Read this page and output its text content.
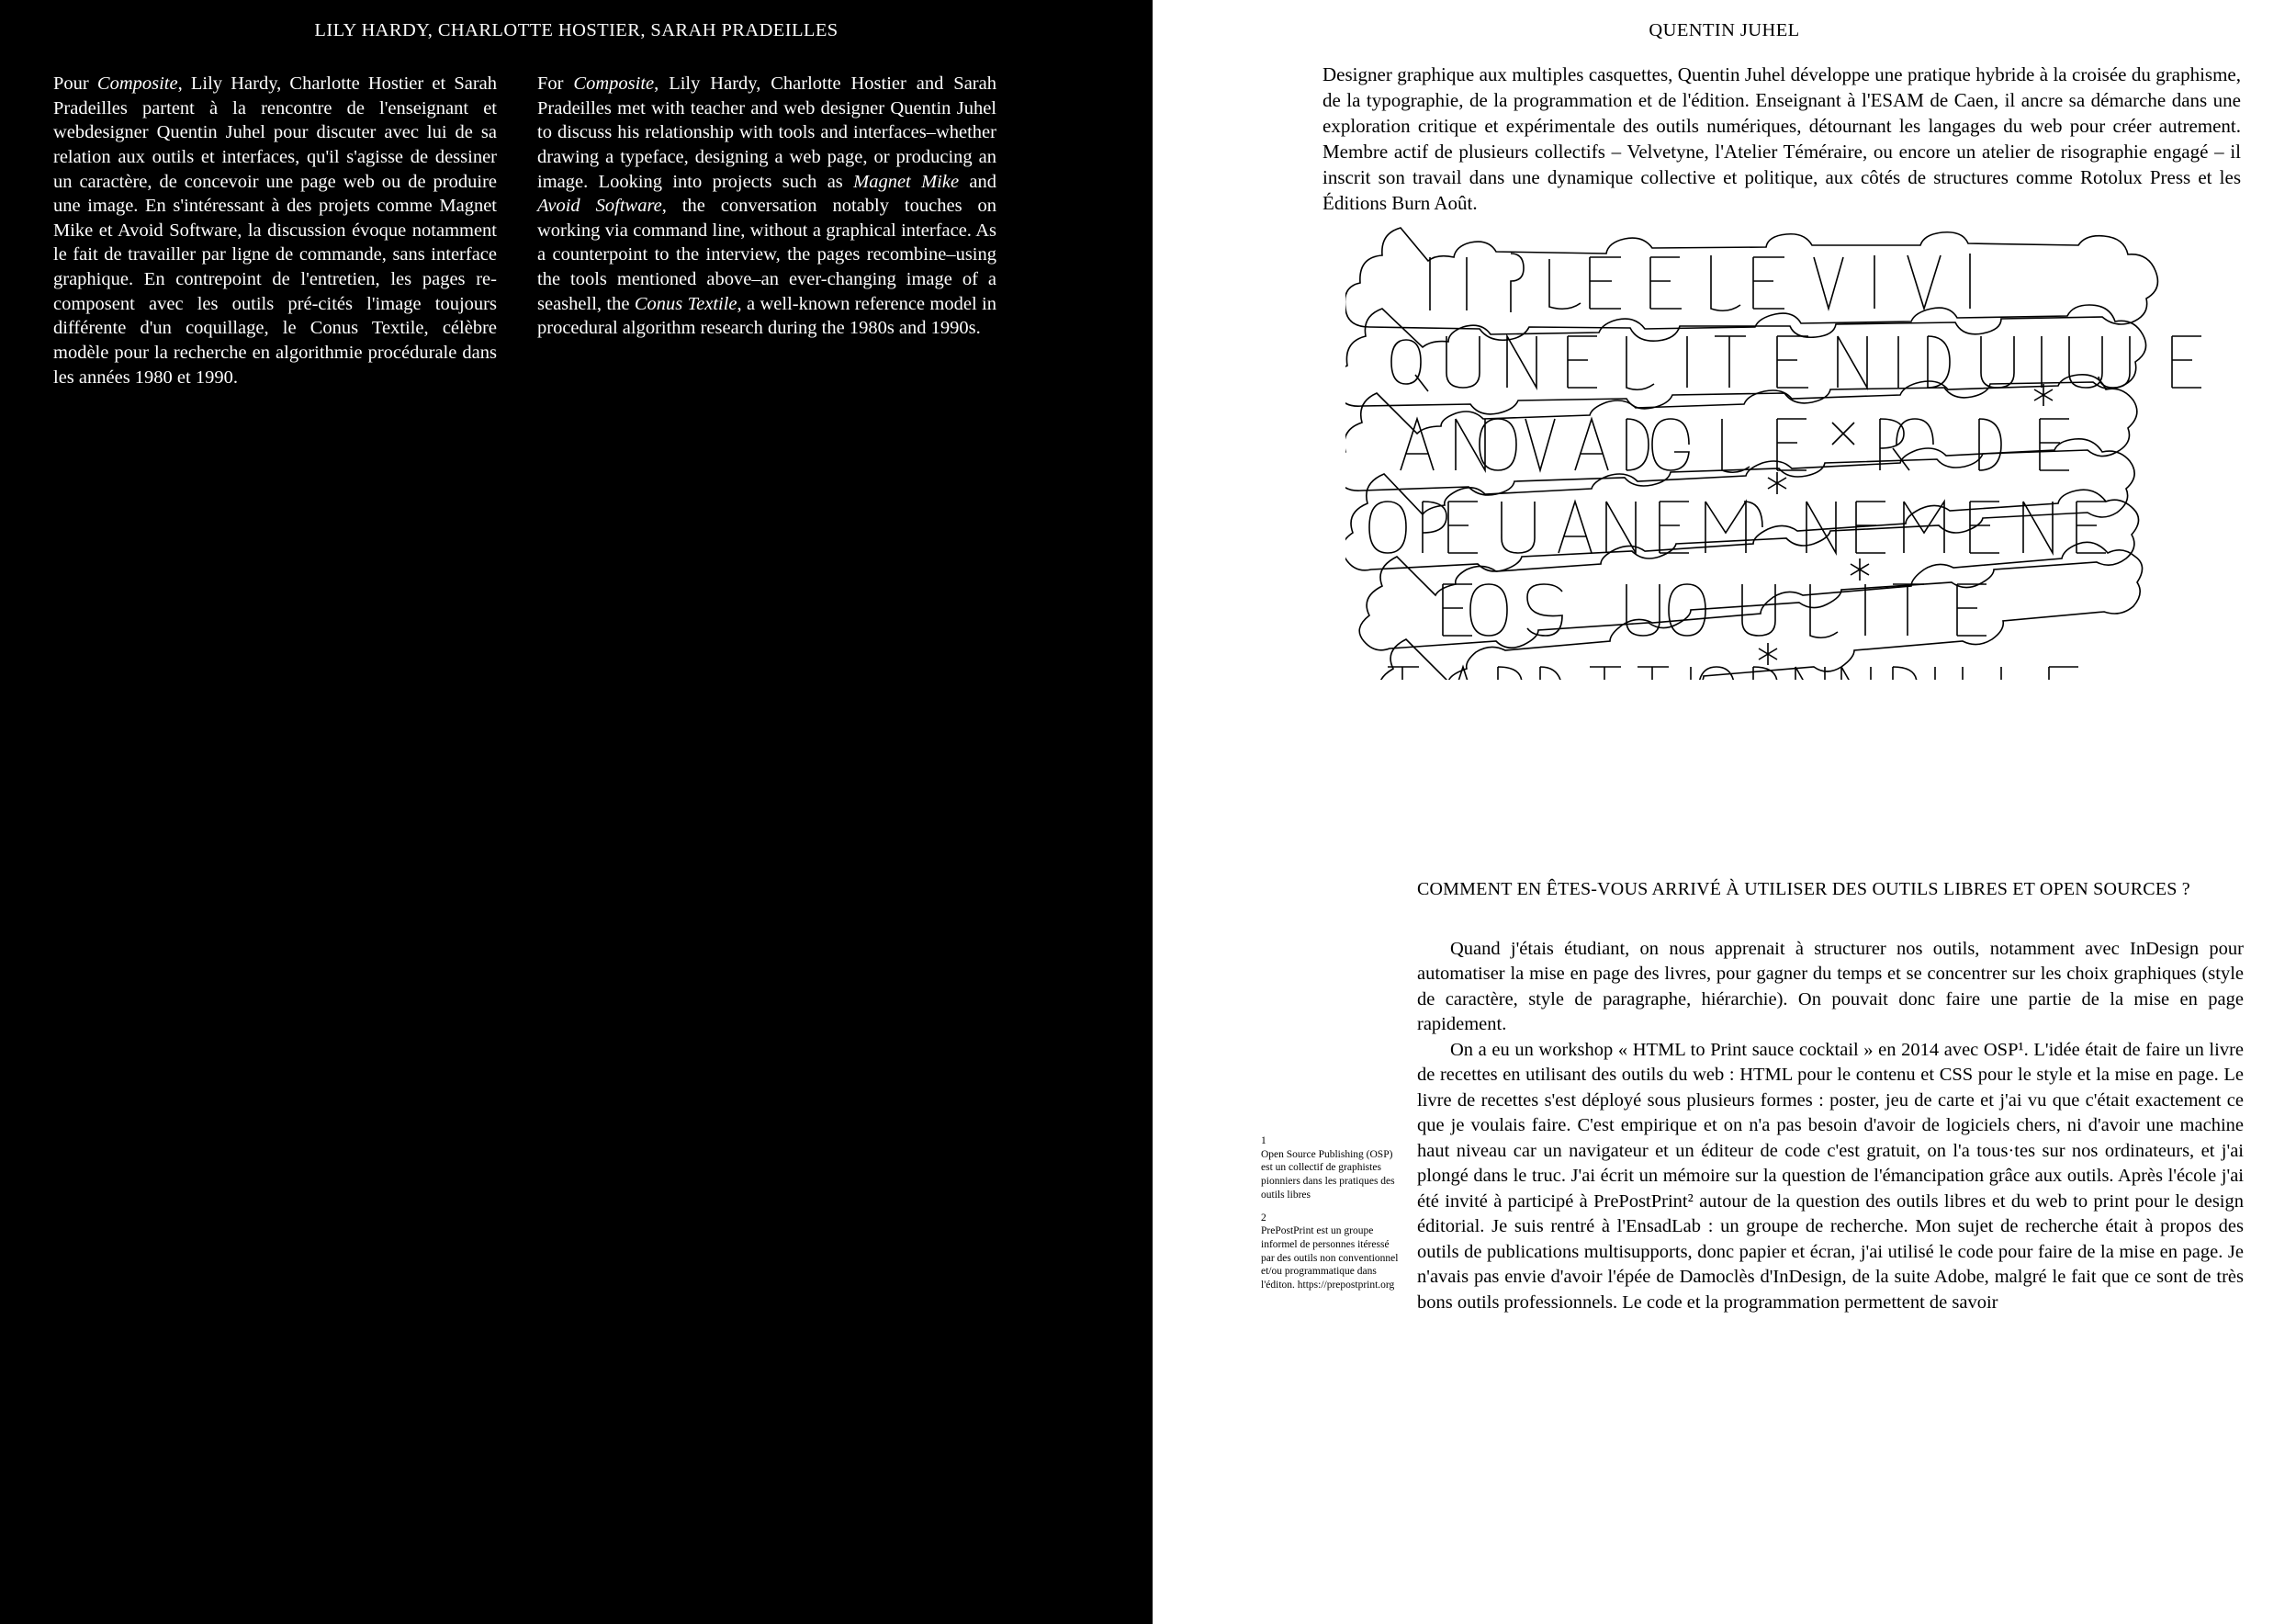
LILY HARDY, CHARLOTTE HOSTIER, SARAH PRADEILLES
Pour Composite, Lily Hardy, Charlotte Hostier et Sarah Pradeilles partent à la rencontre de l'enseignant et webdesigner Quentin Juhel pour discuter avec lui de sa relation aux outils et interfaces, qu'il s'agisse de dessiner un caractère, de concevoir une page web ou de produire une image. En s'intéressant à des projets comme Magnet Mike et Avoid Software, la discussion évoque notamment le fait de travailler par ligne de commande, sans interface graphique. En contrepoint de l'entretien, les pages re-composent avec les outils pré-cités l'image toujours différente d'un coquillage, le Conus Textile, célèbre modèle pour la recherche en algorithmie procédurale dans les années 1980 et 1990.
For Composite, Lily Hardy, Charlotte Hostier and Sarah Pradeilles met with teacher and web designer Quentin Juhel to discuss his relationship with tools and interfaces–whether drawing a typeface, designing a web page, or producing an image. Looking into projects such as Magnet Mike and Avoid Software, the conversation notably touches on working via command line, without a graphical interface. As a counterpoint to the interview, the pages recombine–using the tools mentioned above–an ever-changing image of a seashell, the Conus Textile, a well-known reference model in procedural algorithm research during the 1980s and 1990s.
QUENTIN JUHEL
Designer graphique aux multiples casquettes, Quentin Juhel développe une pratique hybride à la croisée du graphisme, de la typographie, de la programmation et de l'édition. Enseignant à l'ESAM de Caen, il ancre sa démarche dans une exploration critique et expérimentale des outils numériques, détournant les langages du web pour créer autrement. Membre actif de plusieurs collectifs – Velvetyne, l'Atelier Téméraire, ou encore un atelier de risographie engagé – il inscrit son travail dans une dynamique collective et politique, aux côtés de structures comme Rotolux Press et les Éditions Burn Août.
COMMENT EN ÊTES-VOUS ARRIVÉ À UTILISER DES OUTILS LIBRES ET OPEN SOURCES ?

Quand j'étais étudiant, on nous apprenait à structurer nos outils, notamment avec InDesign pour automatiser la mise en page des livres, pour gagner du temps et se concentrer sur les choix graphiques (style de caractère, style de paragraphe, hiérarchie). On pouvait donc faire une partie de la mise en page rapidement.

On a eu un workshop « HTML to Print sauce cocktail » en 2014 avec OSP¹. L'idée était de faire un livre de recettes en utilisant des outils du web : HTML pour le contenu et CSS pour le style et la mise en page. Le livre de recettes s'est déployé sous plusieurs formes : poster, jeu de carte et j'ai vu que c'était exactement ce que je voulais faire. C'est empirique et on n'a pas besoin d'avoir de logiciels chers, ni d'avoir une machine haut niveau car un navigateur et un éditeur de code c'est gratuit, on l'a tous·tes sur nos ordinateurs, et j'ai plongé dans le truc. J'ai écrit un mémoire sur la question de l'émancipation grâce aux outils. Après l'école j'ai été invité à participé à PrePostPrint² autour de la question des outils libres et du web to print pour le design éditorial. Je suis rentré à l'EnsadLab : un groupe de recherche. Mon sujet de recherche était à propos des outils de publications multisupports, donc papier et écran, j'ai utilisé le code pour faire de la mise en page. Je n'avais pas envie d'avoir l'épée de Damoclès d'InDesign, de la suite Adobe, malgré le fait que ce sont de très bons outils professionnels. Le code et la programmation permettent de savoir

1
Open Source Publishing (OSP) est un collectif de graphistes pionniers dans les pratiques des outils libres
2
PrePostPrint est un groupe informel de personnes itéressé par des outils non conventionnel et/ou programmatique dans l'éditon. https://prepostprint.org
